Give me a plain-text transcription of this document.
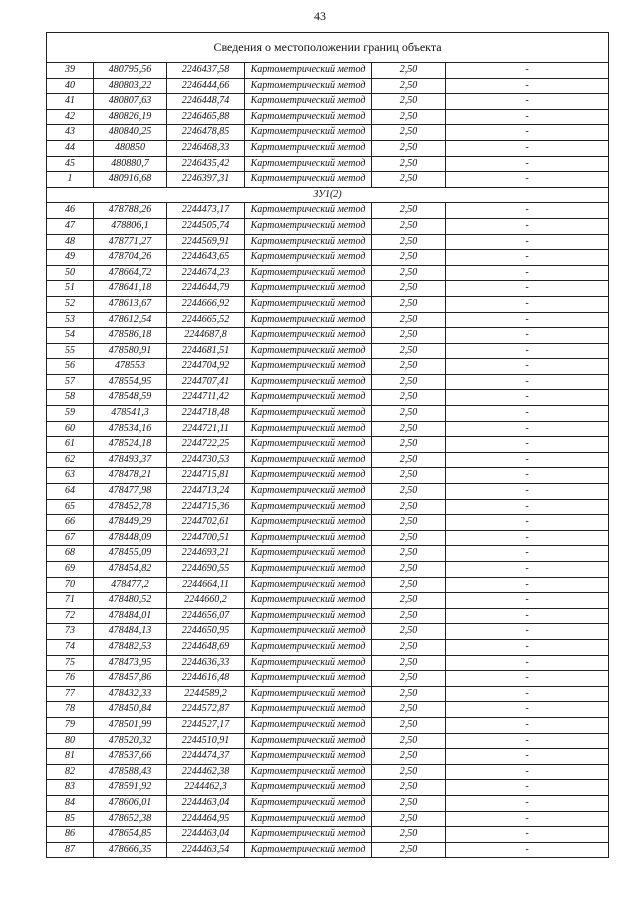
43
Сведения о местоположении границ объекта					
39	480795,56	2246437,58	Картометрический метод	2,50	-
40	480803,22	2246444,66	Картометрический метод	2,50	-
41	480807,63	2246448,74	Картометрический метод	2,50	-
42	480826,19	2246465,88	Картометрический метод	2,50	-
43	480840,25	2246478,85	Картометрический метод	2,50	-
44	480850	2246468,33	Картометрический метод	2,50	-
45	480880,7	2246435,42	Картометрический метод	2,50	-
1	480916,68	2246397,31	Картометрический метод	2,50	-
ЗУ1(2)					
46	478788,26	2244473,17	Картометрический метод	2,50	-
47	478806,1	2244505,74	Картометрический метод	2,50	-
48	478771,27	2244569,91	Картометрический метод	2,50	-
49	478704,26	2244643,65	Картометрический метод	2,50	-
50	478664,72	2244674,23	Картометрический метод	2,50	-
51	478641,18	2244644,79	Картометрический метод	2,50	-
52	478613,67	2244666,92	Картометрический метод	2,50	-
53	478612,54	2244665,52	Картометрический метод	2,50	-
54	478586,18	2244687,8	Картометрический метод	2,50	-
55	478580,91	2244681,51	Картометрический метод	2,50	-
56	478553	2244704,92	Картометрический метод	2,50	-
57	478554,95	2244707,41	Картометрический метод	2,50	-
58	478548,59	2244711,42	Картометрический метод	2,50	-
59	478541,3	2244718,48	Картометрический метод	2,50	-
60	478534,16	2244721,11	Картометрический метод	2,50	-
61	478524,18	2244722,25	Картометрический метод	2,50	-
62	478493,37	2244730,53	Картометрический метод	2,50	-
63	478478,21	2244715,81	Картометрический метод	2,50	-
64	478477,98	2244713,24	Картометрический метод	2,50	-
65	478452,78	2244715,36	Картометрический метод	2,50	-
66	478449,29	2244702,61	Картометрический метод	2,50	-
67	478448,09	2244700,51	Картометрический метод	2,50	-
68	478455,09	2244693,21	Картометрический метод	2,50	-
69	478454,82	2244690,55	Картометрический метод	2,50	-
70	478477,2	2244664,11	Картометрический метод	2,50	-
71	478480,52	2244660,2	Картометрический метод	2,50	-
72	478484,01	2244656,07	Картометрический метод	2,50	-
73	478484,13	2244650,95	Картометрический метод	2,50	-
74	478482,53	2244648,69	Картометрический метод	2,50	-
75	478473,95	2244636,33	Картометрический метод	2,50	-
76	478457,86	2244616,48	Картометрический метод	2,50	-
77	478432,33	2244589,2	Картометрический метод	2,50	-
78	478450,84	2244572,87	Картометрический метод	2,50	-
79	478501,99	2244527,17	Картометрический метод	2,50	-
80	478520,32	2244510,91	Картометрический метод	2,50	-
81	478537,66	2244474,37	Картометрический метод	2,50	-
82	478588,43	2244462,38	Картометрический метод	2,50	-
83	478591,92	2244462,3	Картометрический метод	2,50	-
84	478606,01	2244463,04	Картометрический метод	2,50	-
85	478652,38	2244464,95	Картометрический метод	2,50	-
86	478654,85	2244463,04	Картометрический метод	2,50	-
87	478666,35	2244463,54	Картометрический метод	2,50	-
